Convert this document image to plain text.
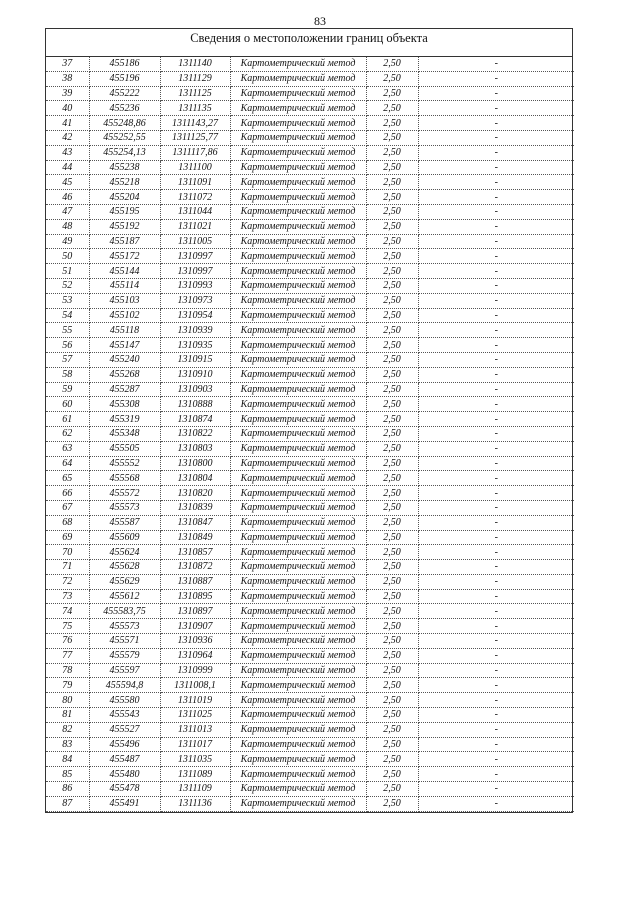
83
Сведения о местоположении границ объекта
37	455186	1311140	Картометрический метод	2,50	-
38	455196	1311129	Картометрический метод	2,50	-
39	455222	1311125	Картометрический метод	2,50	-
40	455236	1311135	Картометрический метод	2,50	-
41	455248,86	1311143,27	Картометрический метод	2,50	-
42	455252,55	1311125,77	Картометрический метод	2,50	-
43	455254,13	1311117,86	Картометрический метод	2,50	-
44	455238	1311100	Картометрический метод	2,50	-
45	455218	1311091	Картометрический метод	2,50	-
46	455204	1311072	Картометрический метод	2,50	-
47	455195	1311044	Картометрический метод	2,50	-
48	455192	1311021	Картометрический метод	2,50	-
49	455187	1311005	Картометрический метод	2,50	-
50	455172	1310997	Картометрический метод	2,50	-
51	455144	1310997	Картометрический метод	2,50	-
52	455114	1310993	Картометрический метод	2,50	-
53	455103	1310973	Картометрический метод	2,50	-
54	455102	1310954	Картометрический метод	2,50	-
55	455118	1310939	Картометрический метод	2,50	-
56	455147	1310935	Картометрический метод	2,50	-
57	455240	1310915	Картометрический метод	2,50	-
58	455268	1310910	Картометрический метод	2,50	-
59	455287	1310903	Картометрический метод	2,50	-
60	455308	1310888	Картометрический метод	2,50	-
61	455319	1310874	Картометрический метод	2,50	-
62	455348	1310822	Картометрический метод	2,50	-
63	455505	1310803	Картометрический метод	2,50	-
64	455552	1310800	Картометрический метод	2,50	-
65	455568	1310804	Картометрический метод	2,50	-
66	455572	1310820	Картометрический метод	2,50	-
67	455573	1310839	Картометрический метод	2,50	-
68	455587	1310847	Картометрический метод	2,50	-
69	455609	1310849	Картометрический метод	2,50	-
70	455624	1310857	Картометрический метод	2,50	-
71	455628	1310872	Картометрический метод	2,50	-
72	455629	1310887	Картометрический метод	2,50	-
73	455612	1310895	Картометрический метод	2,50	-
74	455583,75	1310897	Картометрический метод	2,50	-
75	455573	1310907	Картометрический метод	2,50	-
76	455571	1310936	Картометрический метод	2,50	-
77	455579	1310964	Картометрический метод	2,50	-
78	455597	1310999	Картометрический метод	2,50	-
79	455594,8	1311008,1	Картометрический метод	2,50	-
80	455580	1311019	Картометрический метод	2,50	-
81	455543	1311025	Картометрический метод	2,50	-
82	455527	1311013	Картометрический метод	2,50	-
83	455496	1311017	Картометрический метод	2,50	-
84	455487	1311035	Картометрический метод	2,50	-
85	455480	1311089	Картометрический метод	2,50	-
86	455478	1311109	Картометрический метод	2,50	-
87	455491	1311136	Картометрический метод	2,50	-
